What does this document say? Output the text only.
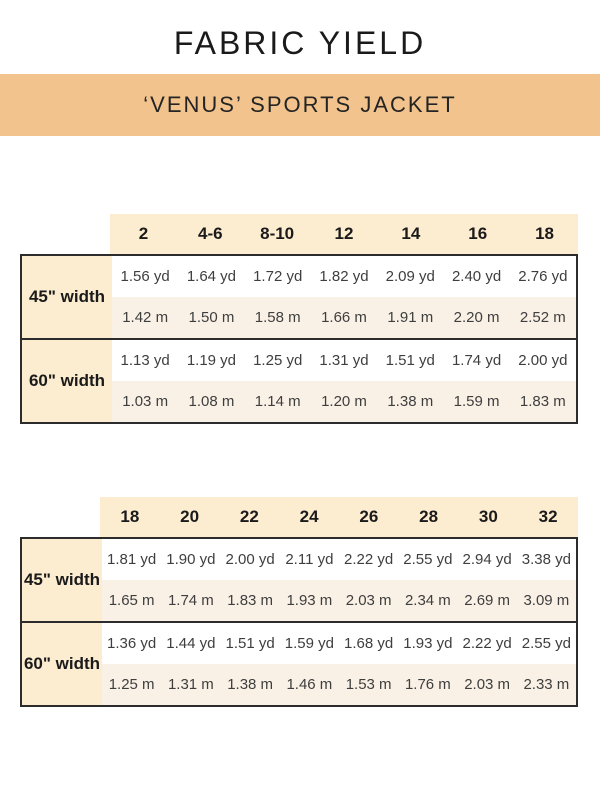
FABRIC YIELD
‘VENUS’ SPORTS JACKET
2	4-6	8-10	12	14	16	18
45" width
1.56 yd	1.64 yd	1.72 yd	1.82 yd	2.09 yd	2.40 yd	2.76 yd
1.42 m	1.50 m	1.58 m	1.66 m	1.91 m	2.20 m	2.52 m
60" width
1.13 yd	1.19 yd	1.25 yd	1.31 yd	1.51 yd	1.74 yd	2.00 yd
1.03 m	1.08 m	1.14 m	1.20 m	1.38 m	1.59 m	1.83 m
18	20	22	24	26	28	30	32
45" width
1.81 yd 1.90 yd 2.00 yd 2.11 yd 2.22 yd 2.55 yd 2.94 yd 3.38 yd
1.65 m 1.74 m 1.83 m 1.93 m 2.03 m 2.34 m 2.69 m 3.09 m
60" width
1.36 yd 1.44 yd 1.51 yd 1.59 yd 1.68 yd 1.93 yd 2.22 yd 2.55 yd
1.25 m 1.31 m 1.38 m 1.46 m 1.53 m 1.76 m 2.03 m 2.33 m
